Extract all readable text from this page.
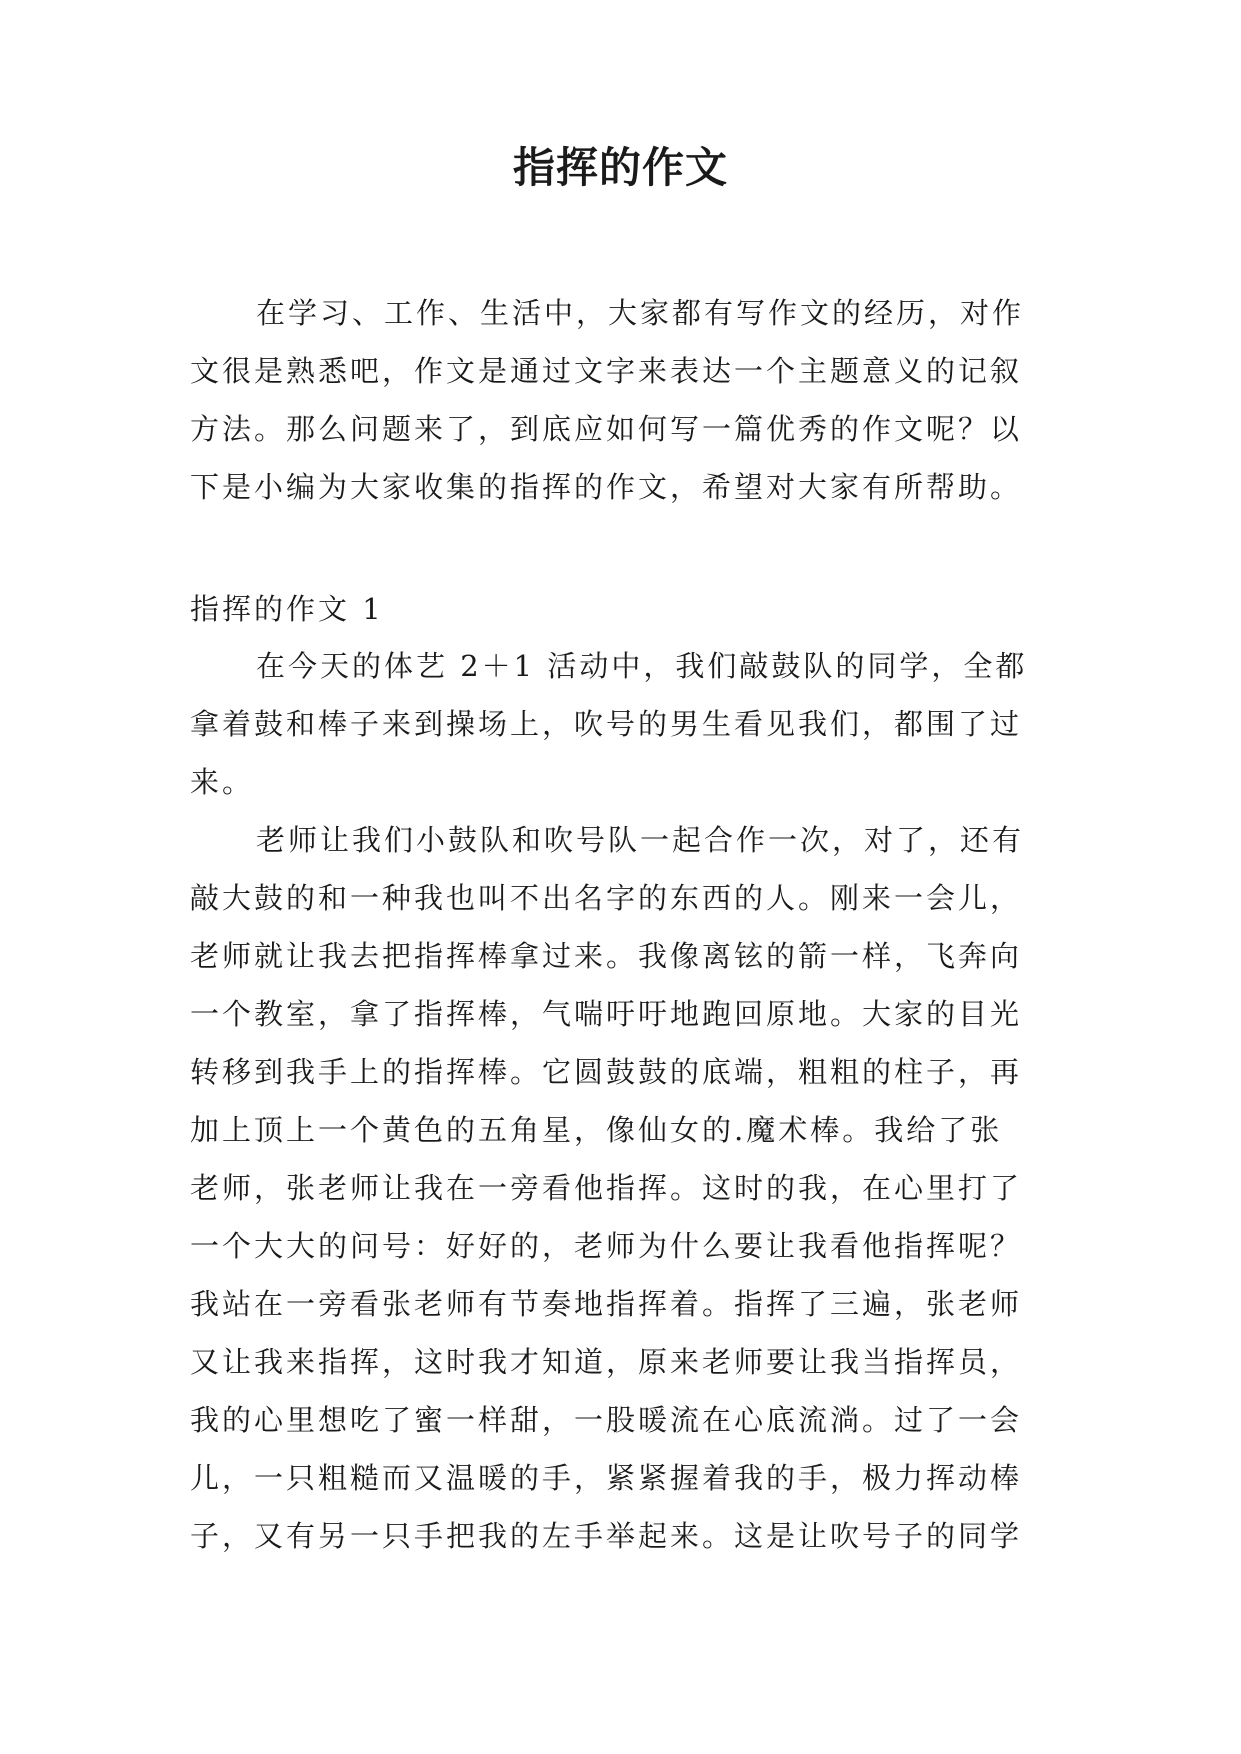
指挥的作文
在学习、工作、生活中，大家都有写作文的经历，对作
文很是熟悉吧，作文是通过文字来表达一个主题意义的记叙
方法。那么问题来了，到底应如何写一篇优秀的作文呢？以
下是小编为大家收集的指挥的作文，希望对大家有所帮助。
指挥的作文 1
在今天的体艺 2＋1 活动中，我们敲鼓队的同学，全都
拿着鼓和棒子来到操场上，吹号的男生看见我们，都围了过
来。
老师让我们小鼓队和吹号队一起合作一次，对了，还有
敲大鼓的和一种我也叫不出名字的东西的人。刚来一会儿，
老师就让我去把指挥棒拿过来。我像离铉的箭一样，飞奔向
一个教室，拿了指挥棒，气喘吁吁地跑回原地。大家的目光
转移到我手上的指挥棒。它圆鼓鼓的底端，粗粗的柱子，再
加上顶上一个黄色的五角星，像仙女的.魔术棒。我给了张
老师，张老师让我在一旁看他指挥。这时的我，在心里打了
一个大大的问号：好好的，老师为什么要让我看他指挥呢？
我站在一旁看张老师有节奏地指挥着。指挥了三遍，张老师
又让我来指挥，这时我才知道，原来老师要让我当指挥员，
我的心里想吃了蜜一样甜，一股暖流在心底流淌。过了一会
儿，一只粗糙而又温暖的手，紧紧握着我的手，极力挥动棒
子，又有另一只手把我的左手举起来。这是让吹号子的同学
